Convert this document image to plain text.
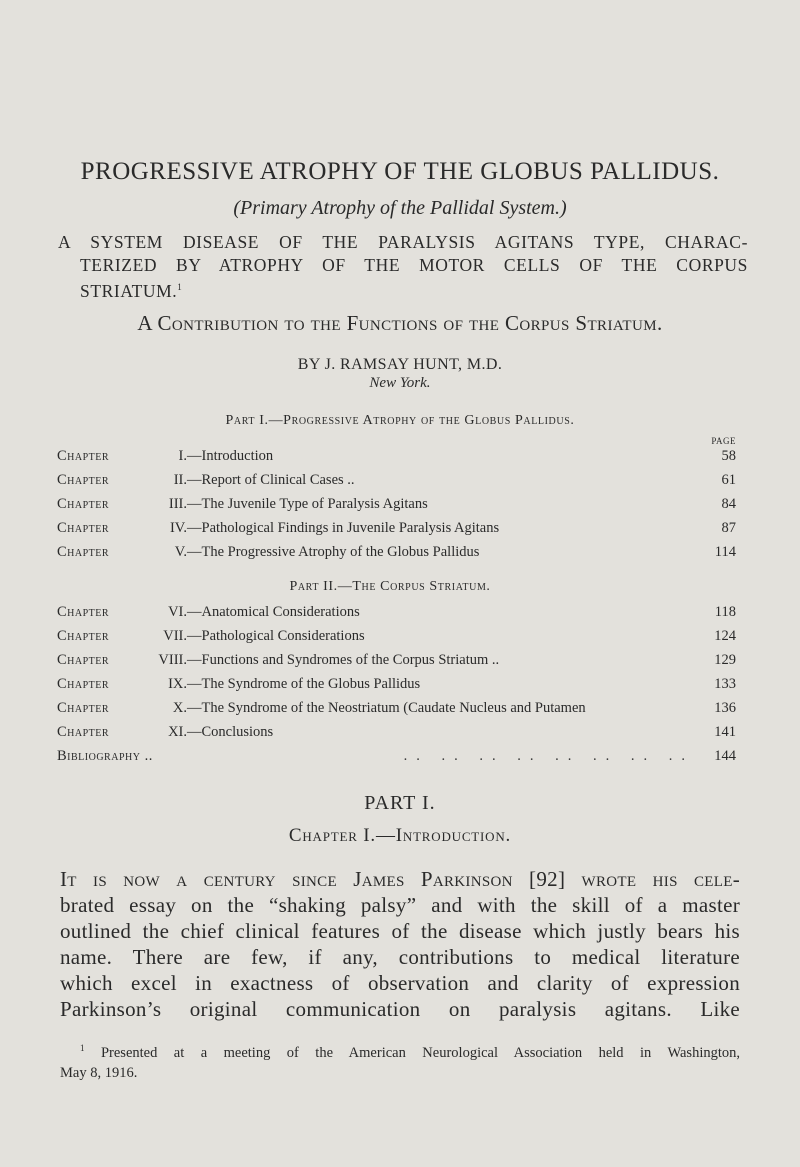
PROGRESSIVE ATROPHY OF THE GLOBUS PALLIDUS.
(Primary Atrophy of the Pallidal System.)
A SYSTEM DISEASE OF THE PARALYSIS AGITANS TYPE, CHARAC-
TERIZED BY ATROPHY OF THE MOTOR CELLS OF THE CORPUS
STRIATUM.$^1$
A Contribution to the Functions of the Corpus Striatum.
BY J. RAMSAY HUNT, M.D.
New York.
Part I.—Progressive Atrophy of the Globus Pallidus.
PAGE
Chapter	I. —Introduction	58
Chapter	II. —Report of Clinical Cases ..	61
Chapter	III. —The Juvenile Type of Paralysis Agitans	84
Chapter	IV. —Pathological Findings in Juvenile Paralysis Agitans	87
Chapter	V. —The Progressive Atrophy of the Globus Pallidus	114
Part II.—The Corpus Striatum.
Chapter	VI. —Anatomical Considerations	118
Chapter	VII. —Pathological Considerations	124
Chapter	VIII. —Functions and Syndromes of the Corpus Striatum ..	129
Chapter	IX. —The Syndrome of the Globus Pallidus	133
Chapter	X. —The Syndrome of the Neostriatum (Caudate Nucleus and Putamen	136
Chapter	XI. —Conclusions	141
Bibliography ..	.. .. .. .. .. .. .. ..	144
PART I.
Chapter I.—Introduction.
It is now a century since James Parkinson [92] wrote his cele-
brated essay on the “shaking palsy” and with the skill of a master
outlined the chief clinical features of the disease which justly bears his
name. There are few, if any, contributions to medical literature
which excel in exactness of observation and clarity of expression
Parkinson’s original communication on paralysis agitans. Like
$^1$ Presented at a meeting of the American Neurological Association held in Washington,
May 8, 1916.
